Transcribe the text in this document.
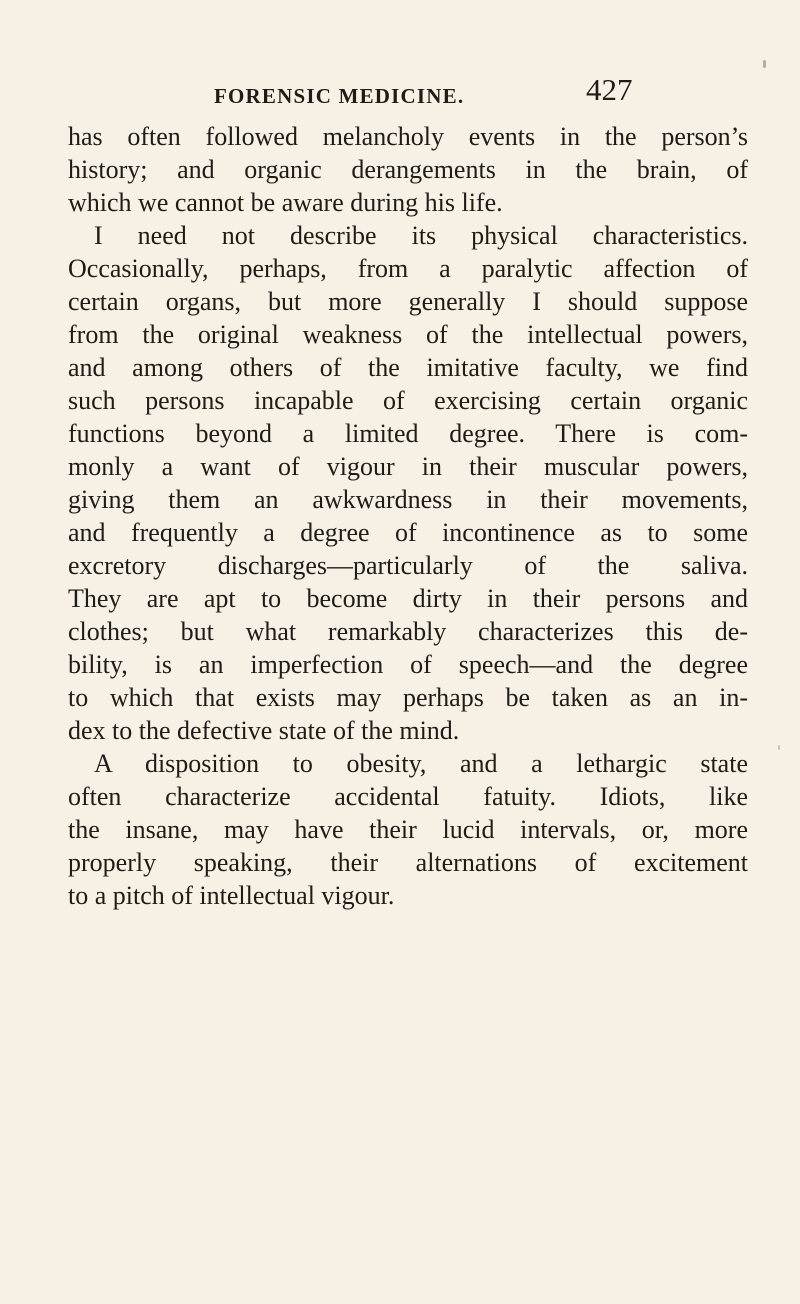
FORENSIC MEDICINE.	427
has often followed melancholy events in the person’s
history; and organic derangements in the brain, of
which we cannot be aware during his life.
I need not describe its physical characteristics.
Occasionally, perhaps, from a paralytic affection of
certain organs, but more generally I should suppose
from the original weakness of the intellectual powers,
and among others of the imitative faculty, we find
such persons incapable of exercising certain organic
functions beyond a limited degree. There is com-
monly a want of vigour in their muscular powers,
giving them an awkwardness in their movements,
and frequently a degree of incontinence as to some
excretory discharges—particularly of the saliva.
They are apt to become dirty in their persons and
clothes; but what remarkably characterizes this de-
bility, is an imperfection of speech—and the degree
to which that exists may perhaps be taken as an in-
dex to the defective state of the mind.
A disposition to obesity, and a lethargic state
often characterize accidental fatuity. Idiots, like
the insane, may have their lucid intervals, or, more
properly speaking, their alternations of excitement
to a pitch of intellectual vigour.
